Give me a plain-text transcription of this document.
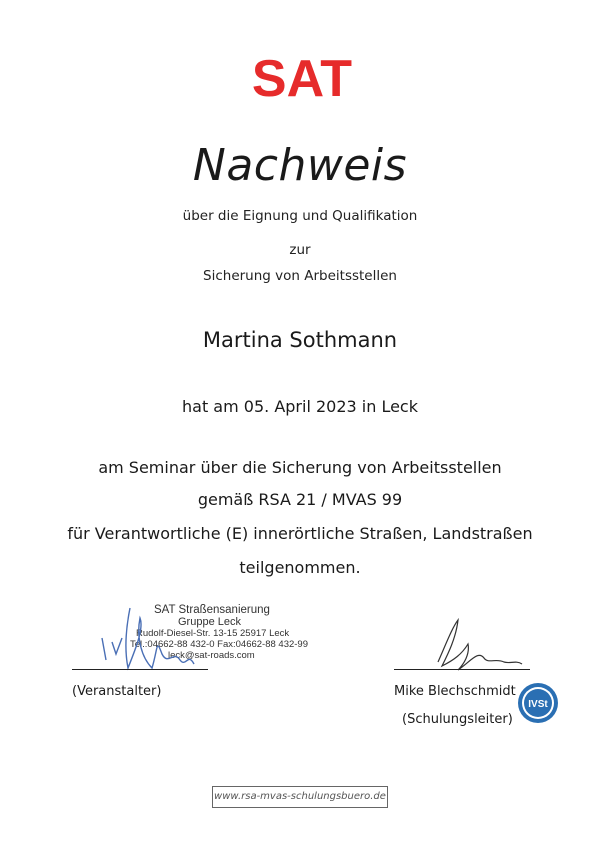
SAT
Nachweis
über die Eignung und Qualifikation
zur
Sicherung von Arbeitsstellen
Martina Sothmann
hat am 05. April 2023 in Leck
am Seminar über die Sicherung von Arbeitsstellen
gemäß RSA 21 / MVAS 99
für Verantwortliche (E) innerörtliche Straßen, Landstraßen
teilgenommen.
SAT Straßensanierung
Gruppe Leck
Rudolf-Diesel-Str. 13-15 25917 Leck
Tel.:04662-88 432-0 Fax:04662-88 432-99
leck@sat-roads.com
(Veranstalter)	Mike Blechschmidt
(Schulungsleiter)
IVSt
www.rsa-mvas-schulungsbuero.de
